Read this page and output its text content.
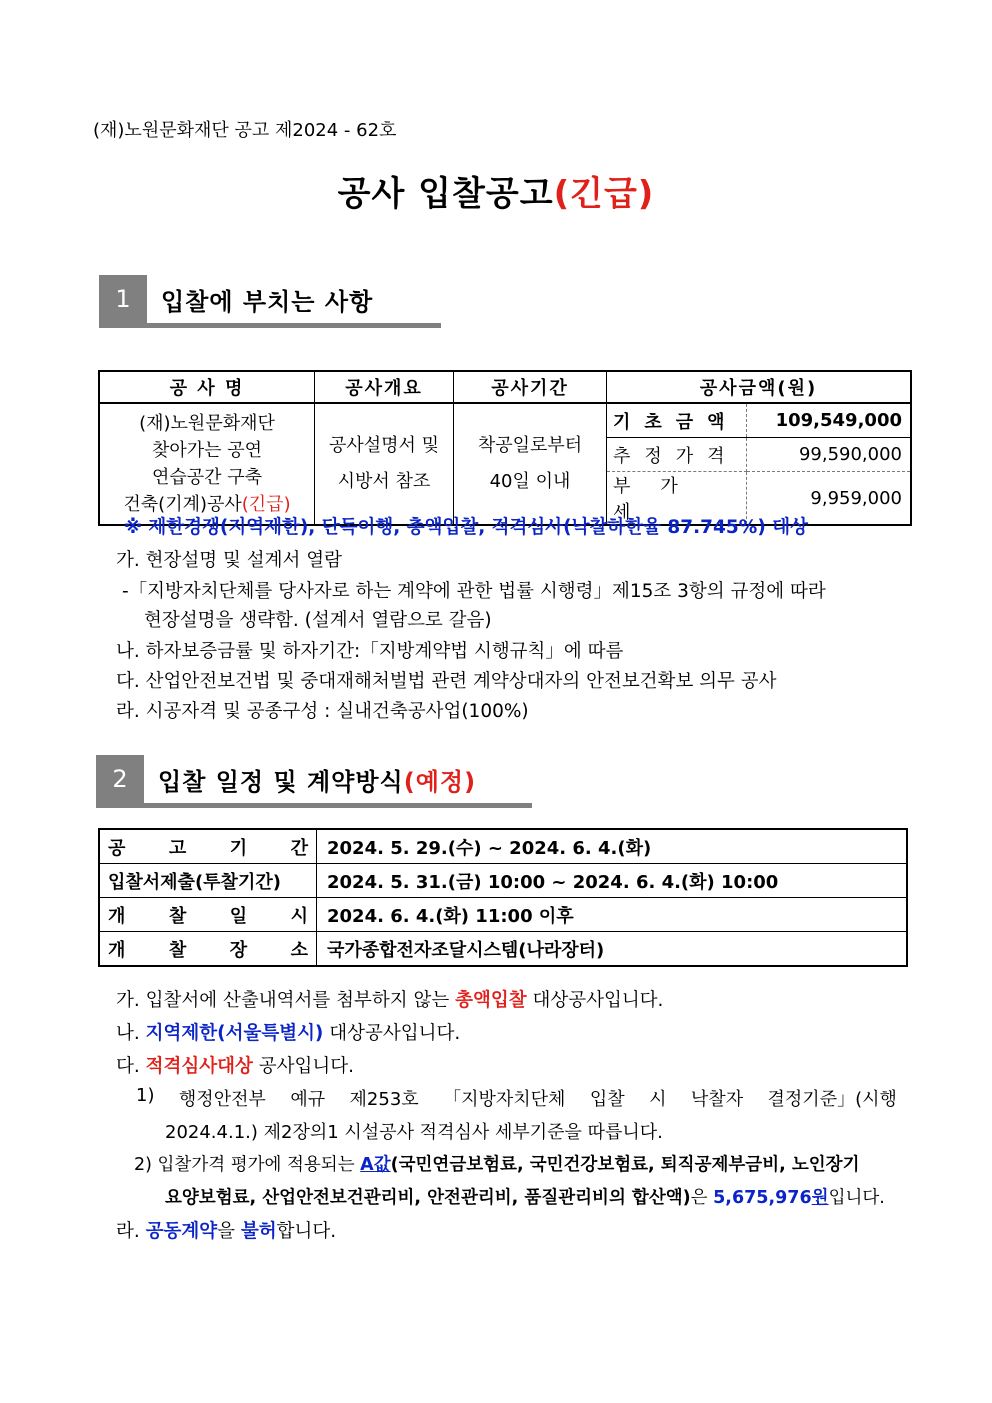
(재)노원문화재단 공고 제2024 - 62호
공사 입찰공고(긴급)
1	입찰에 부치는 사항
공 사 명	공사개요	공사기간	공사금액(원)

(재)노원문화재단
찾아가는 공연
연습공간 구축
건축(기계)공사(긴급)

공사설명서 및
시방서 참조

착공일로부터
40일 이내

기초금액	109,549,000
추정가격	99,590,000
부가세	9,959,000
※ 제한경쟁(지역제한), 단독이행, 총액입찰, 적격심사(낙찰하한율 87.745%) 대상
가. 현장설명 및 설계서 열람
-「지방자치단체를 당사자로 하는 계약에 관한 법률 시행령」제15조 3항의 규정에 따라
현장설명을 생략함. (설계서 열람으로 갈음)
나. 하자보증금률 및 하자기간:「지방계약법 시행규칙」에 따름
다. 산업안전보건법 및 중대재해처벌법 관련 계약상대자의 안전보건확보 의무 공사
라. 시공자격 및 공종구성 : 실내건축공사업(100%)
2	입찰 일정 및 계약방식(예정)
공 고 기 간	2024. 5. 29.(수) ~ 2024. 6. 4.(화)

입찰서제출(투찰기간)	2024. 5. 31.(금) 10:00 ~ 2024. 6. 4.(화) 10:00

개 찰 일 시	2024. 6. 4.(화) 11:00 이후

개 찰 장 소	국가종합전자조달시스템(나라장터)
가. 입찰서에 산출내역서를 첨부하지 않는 총액입찰 대상공사입니다.
나. 지역제한(서울특별시) 대상공사입니다.
다. 적격심사대상 공사입니다.
1) 행정안전부 예규 제253호 「지방자치단체 입찰 시 낙찰자 결정기준」(시행
2024.4.1.) 제2장의1 시설공사 적격심사 세부기준을 따릅니다.
2) 입찰가격 평가에 적용되는 A값(국민연금보험료, 국민건강보험료, 퇴직공제부금비, 노인장기
요양보험료, 산업안전보건관리비, 안전관리비, 품질관리비의 합산액)은 5,675,976원입니다.
라. 공동계약을 불허합니다.
